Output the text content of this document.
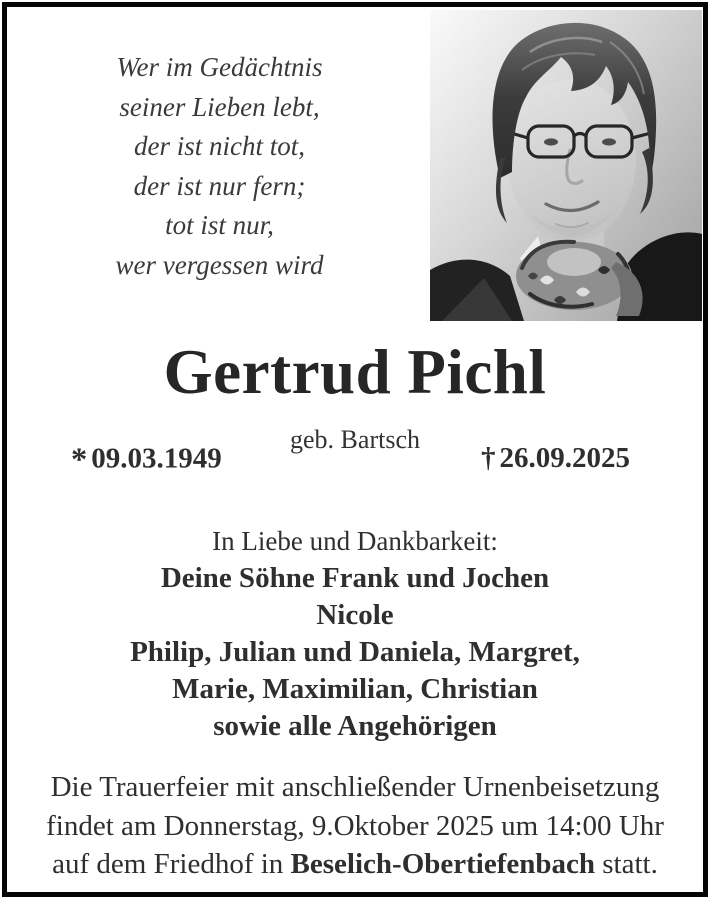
Wer im Gedächtnis
seiner Lieben lebt,
der ist nicht tot,
der ist nur fern;
tot ist nur,
wer vergessen wird
Gertrud Pichl
geb. Bartsch
* 09.03.1949	† 26.09.2025
In Liebe und Dankbarkeit:
Deine Söhne Frank und Jochen
Nicole
Philip, Julian und Daniela, Margret,
Marie, Maximilian, Christian
sowie alle Angehörigen
Die Trauerfeier mit anschließender Urnenbeisetzung
findet am Donnerstag, 9.Oktober 2025 um 14:00 Uhr
auf dem Friedhof in Beselich-Obertiefenbach statt.
